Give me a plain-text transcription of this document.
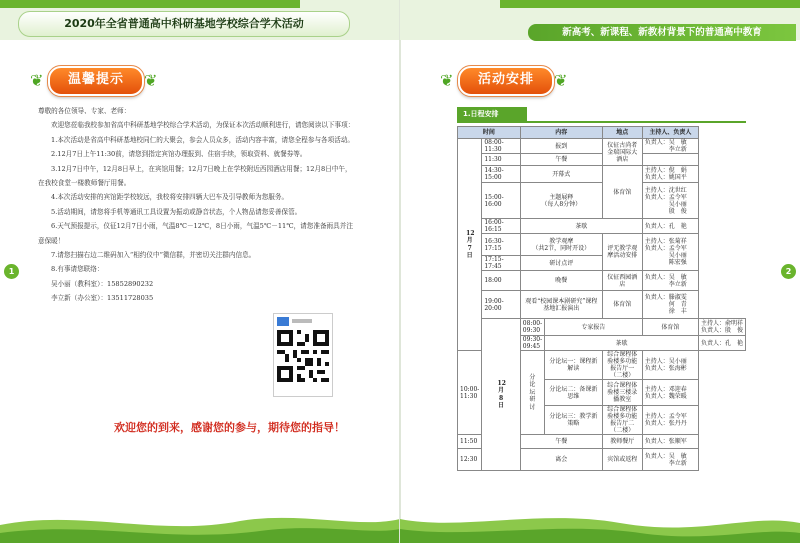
2020年全省普通高中科研基地学校综合学术活动
❦ 温馨提示 ❦

尊敬的各位领导、专家、老师：

欢迎您莅临我校参加省高中科研基地学校综合学术活动，为保证本次活动顺利进行，请您阅读以下事项：

1.本次活动是省高中科研基地校同仁的大聚会，参会人员众多，活动内容丰富，请您全程参与各项活动。

2.12月7日上午11:30前，请您到指定宾馆办理报到、住宿手续，领取资料、就餐券等。

3.12月7日中午，12月8日早上，在宾馆用餐；12月7日晚上在学校附近西园酒店用餐；12月8日中午，在我校食堂一楼教师餐厅用餐。

4.本次活动安排的宾馆距学校较远，我校将安排四辆大巴车及引导教师为您服务。

5.活动期间，请您将手机等通讯工具设置为振动或静音状态，个人物品请您妥善保管。

6.天气预报提示，仪征12月7日小雨，气温8℃－12℃，8日小雨，气温5℃－11℃，请您准备雨具并注意保暖！

7.请您扫描右边二维码加入“相约仪中”微信群，并密切关注群内信息。

8.有事请您联络：

吴小丽（教科室）：15852890232

李立新（办公室）：13511728035

欢迎您的到来，感谢您的参与，期待您的指导！
1
新高考、新课程、新教材背景下的普通高中教育
❦ 活动安排 ❦
1.日程安排
时间		内容		地点	主持人、负责人	
12月7日	08:00-11:30	报到		仪征古尚者金瑞国际大酒店	负责人：吴　敏
　　　　李立新	
	11:30	午餐				
	14:30-15:00	开幕式		体育馆	主持人：倪　娟
负责人：姚国平	
	15:00-16:00	主题展释
（每人8分钟）			主持人：沈世红
负责人：孟令军
　　　　吴小丽
　　　　殷　俊	
	16:00-16:15	茶歇			负责人：孔　艳	
	16:30-17:15	教学观摩
（共2节，同时开设）		评无教学观摩活动安排	主持人：张菊祥
负责人：孟令军
　　　　吴小丽
　　　　陈宏强	
	17:15-17:45	研讨点评				
	18:00	晚餐		仪征西园酒店	负责人：吴　敏
　　　　李立新	
	19:00-20:00	观看“校园课本剧研究”课程基地汇报演出		体育馆	负责人：滕淑雯
　　　　何　青
　　　　徐　丰	
	12月8日	08:00-09:30	专家报告		体育馆	主持人：俞明祥
负责人：殷　俊
		09:30-09:45	茶歇			负责人：孔　艳
10:00-11:30		分论坛研讨	分论坛一：课程新解读	综合课程体验楼多功能报告厅一（二楼）	主持人：吴小丽
负责人：张海彬	
			分论坛二：备课新思维	综合课程体验楼三楼录播教室	主持人：邓迎春
负责人：魏荣暖	
			分论坛三：教学新策略	综合课程体验楼多功能报告厅二（二楼）	主持人：孟令军
负责人：张丹丹	
11:50		午餐		教师餐厅	负责人：张顺军	
12:30		离会		宾馆或返程	负责人：吴　敏
　　　　李立新	
2
